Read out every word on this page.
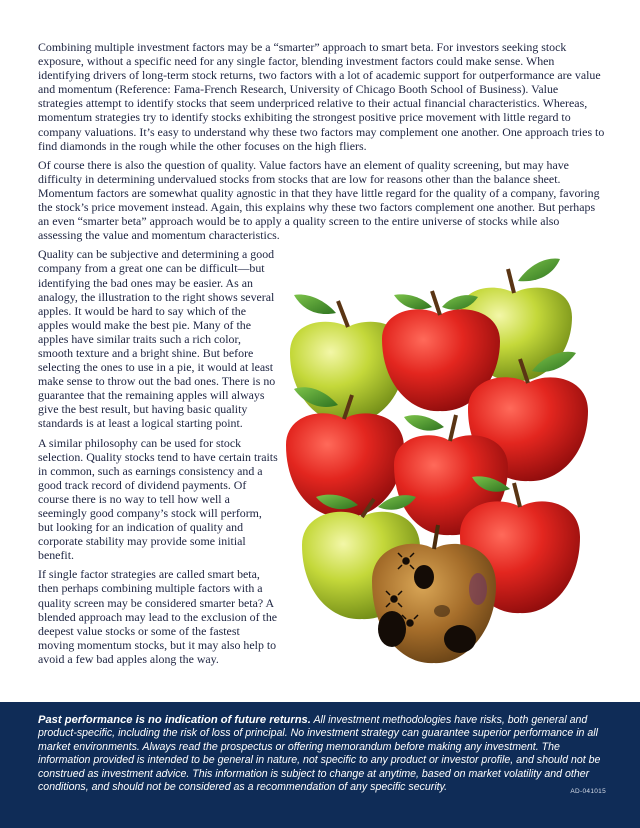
Combining multiple investment factors may be a “smarter” approach to smart beta. For investors seeking stock exposure, without a specific need for any single factor, blending investment factors could make sense. When identifying drivers of long-term stock returns, two factors with a lot of academic support for outperformance are value and momentum (Reference: Fama-French Research, University of Chicago Booth School of Business). Value strategies attempt to identify stocks that seem underpriced relative to their actual financial characteristics. Whereas, momentum strategies try to identify stocks exhibiting the strongest positive price movement with little regard to company valuations. It’s easy to understand why these two factors may complement one another. One approach tries to find diamonds in the rough while the other focuses on the high fliers.

Of course there is also the question of quality. Value factors have an element of quality screening, but may have difficulty in determining undervalued stocks from stocks that are low for reasons other than the balance sheet. Momentum factors are somewhat quality agnostic in that they have little regard for the quality of a company, favoring the stock’s price movement instead. Again, this explains why these two factors complement one another. But perhaps an even “smarter beta” approach would be to apply a quality screen to the entire universe of stocks while also assessing the value and momentum characteristics.

Quality can be subjective and determining a good company from a great one can be difficult—but identifying the bad ones may be easier. As an analogy, the illustration to the right shows several apples. It would be hard to say which of the apples would make the best pie. Many of the apples have similar traits such a rich color, smooth texture and a bright shine. But before selecting the ones to use in a pie, it would at least make sense to throw out the bad ones. There is no guarantee that the remaining apples will always give the best result, but having basic quality standards is at least a logical starting point.

A similar philosophy can be used for stock selection. Quality stocks tend to have certain traits in common, such as earnings consistency and a good track record of dividend payments. Of course there is no way to tell how well a seemingly good company’s stock will perform, but looking for an indication of quality and corporate stability may provide some initial benefit.

If single factor strategies are called smart beta, then perhaps combining multiple factors with a quality screen may be considered smarter beta? A blended approach may lead to the exclusion of the deepest value stocks or some of the fastest moving momentum stocks, but it may also help to avoid a few bad apples along the way.

Past performance is no indication of future returns. All investment methodologies have risks, both general and product-specific, including the risk of loss of principal. No investment strategy can guarantee superior performance in all market environments. Always read the prospectus or offering memorandum before making any investment. The information provided is intended to be general in nature, not specific to any product or investor profile, and should not be construed as investment advice. This information is subject to change at anytime, based on market volatility and other conditions, and should not be considered as a recommendation of any specific security.	AD-041015
